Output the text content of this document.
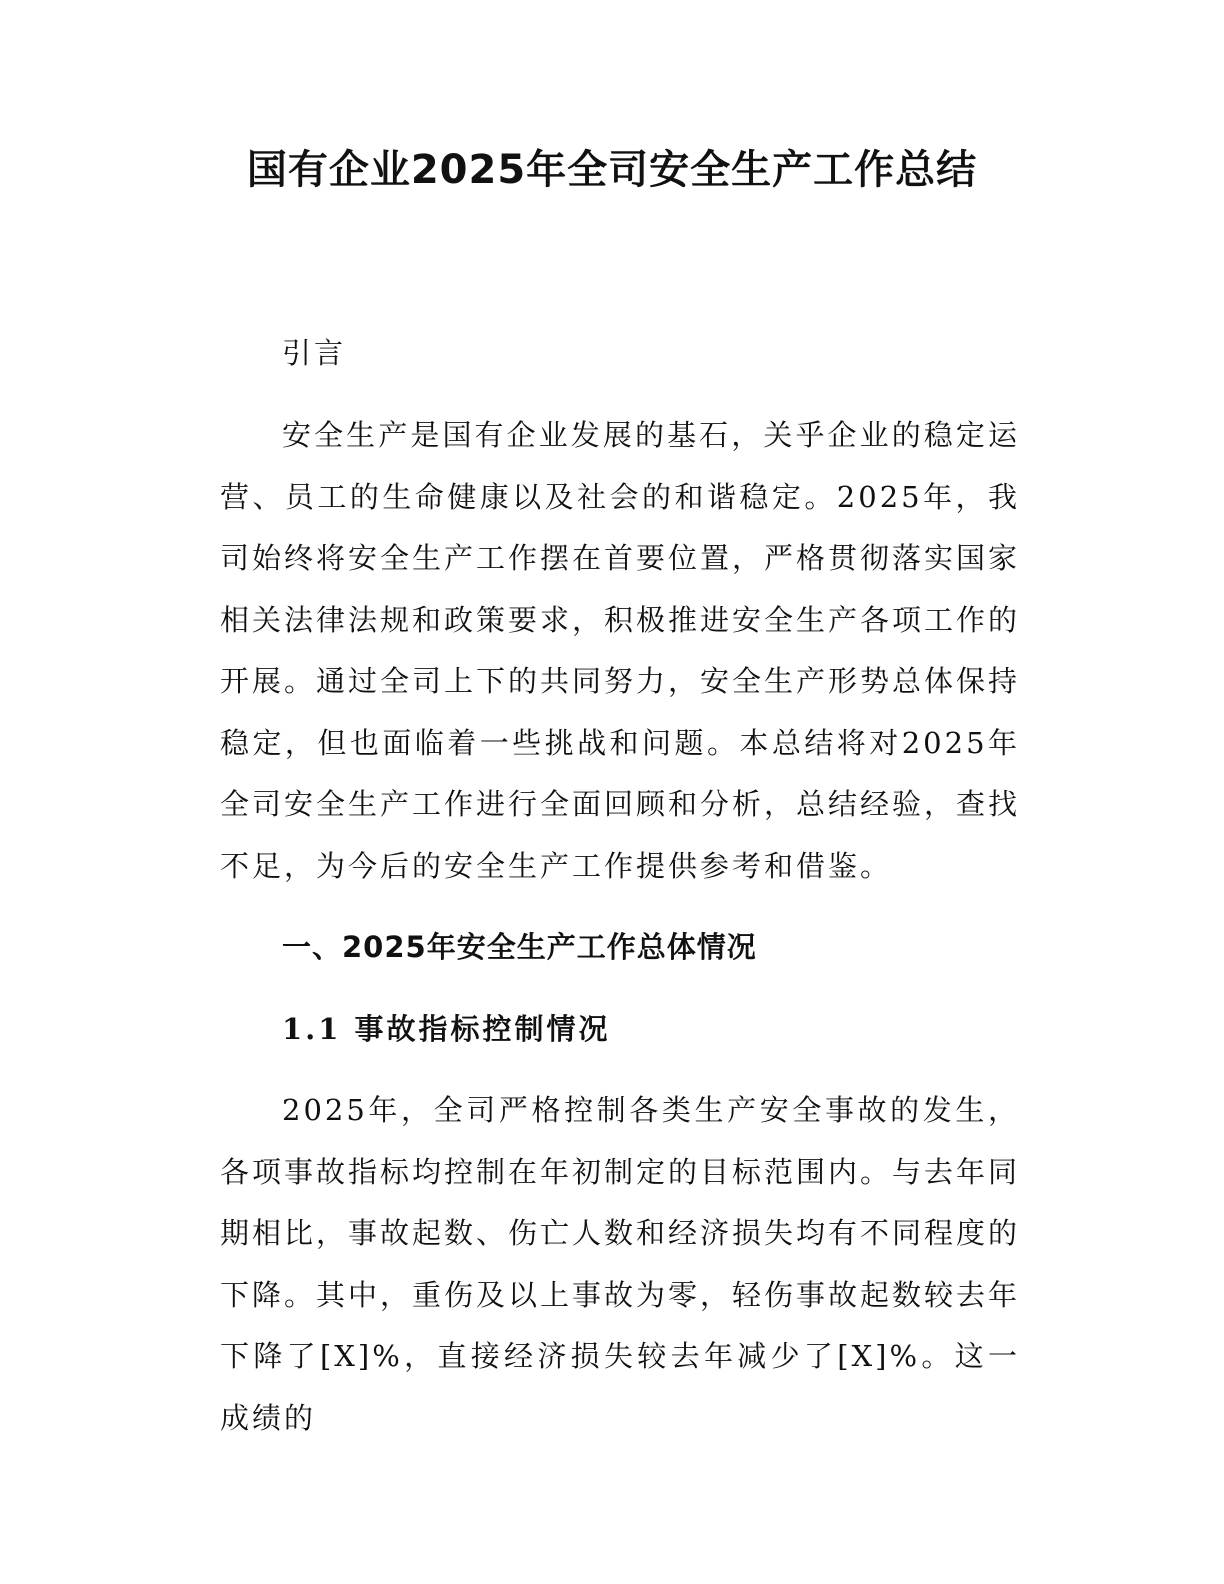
国有企业2025年全司安全生产工作总结

引言

安全生产是国有企业发展的基石，关乎企业的稳定运营、员工的生命健康以及社会的和谐稳定。2025年，我司始终将安全生产工作摆在首要位置，严格贯彻落实国家相关法律法规和政策要求，积极推进安全生产各项工作的开展。通过全司上下的共同努力，安全生产形势总体保持稳定，但也面临着一些挑战和问题。本总结将对2025年全司安全生产工作进行全面回顾和分析，总结经验，查找不足，为今后的安全生产工作提供参考和借鉴。

一、2025年安全生产工作总体情况
1.1 事故指标控制情况

2025年，全司严格控制各类生产安全事故的发生，各项事故指标均控制在年初制定的目标范围内。与去年同期相比，事故起数、伤亡人数和经济损失均有不同程度的下降。其中，重伤及以上事故为零，轻伤事故起数较去年下降了[X]%，直接经济损失较去年减少了[X]%。这一成绩的
